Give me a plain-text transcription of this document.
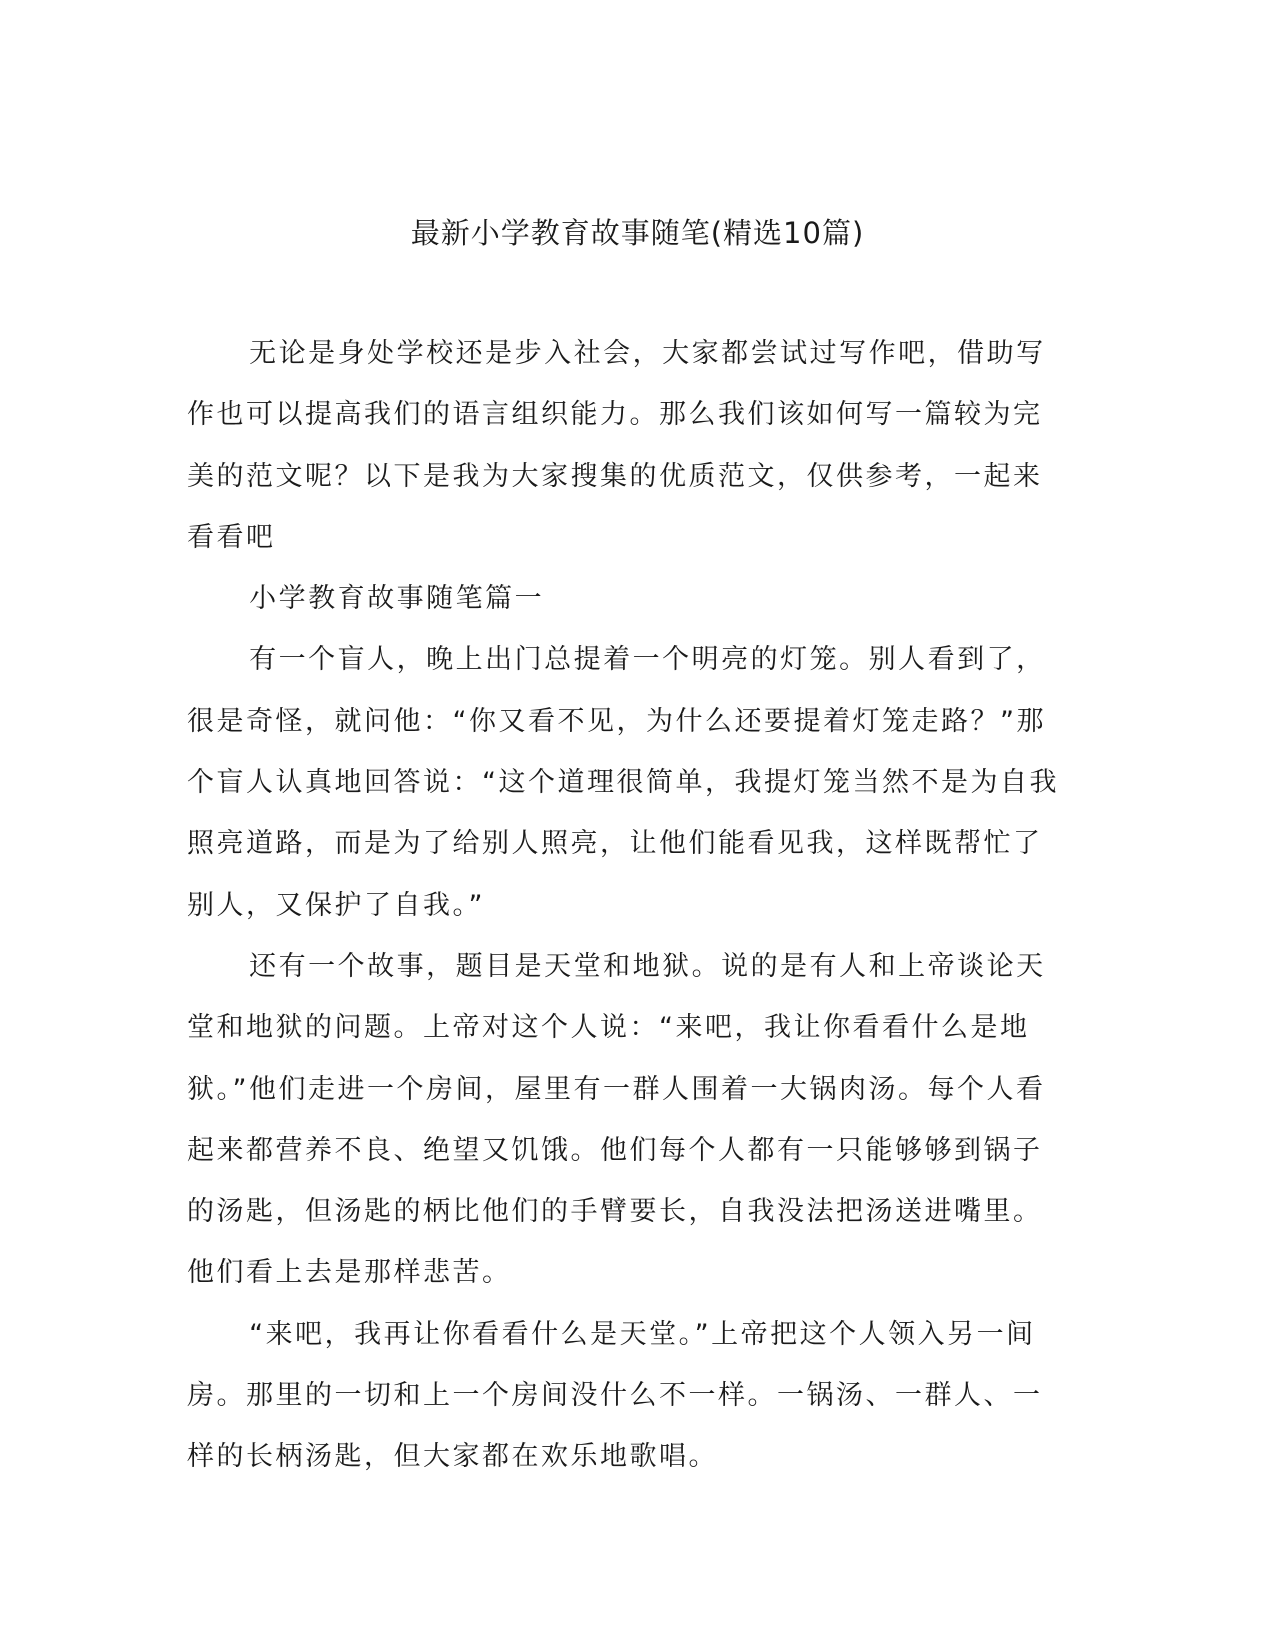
最新小学教育故事随笔(精选10篇)

无论是身处学校还是步入社会，大家都尝试过写作吧，借助写作也可以提高我们的语言组织能力。那么我们该如何写一篇较为完美的范文呢？以下是我为大家搜集的优质范文，仅供参考，一起来看看吧

小学教育故事随笔篇一

有一个盲人，晚上出门总提着一个明亮的灯笼。别人看到了，很是奇怪，就问他：“你又看不见，为什么还要提着灯笼走路？”那个盲人认真地回答说：“这个道理很简单，我提灯笼当然不是为自我照亮道路，而是为了给别人照亮，让他们能看见我，这样既帮忙了别人，又保护了自我。”

还有一个故事，题目是天堂和地狱。说的是有人和上帝谈论天堂和地狱的问题。上帝对这个人说：“来吧，我让你看看什么是地狱。”他们走进一个房间，屋里有一群人围着一大锅肉汤。每个人看起来都营养不良、绝望又饥饿。他们每个人都有一只能够够到锅子的汤匙，但汤匙的柄比他们的手臂要长，自我没法把汤送进嘴里。他们看上去是那样悲苦。

“来吧，我再让你看看什么是天堂。”上帝把这个人领入另一间房。那里的一切和上一个房间没什么不一样。一锅汤、一群人、一样的长柄汤匙，但大家都在欢乐地歌唱。
